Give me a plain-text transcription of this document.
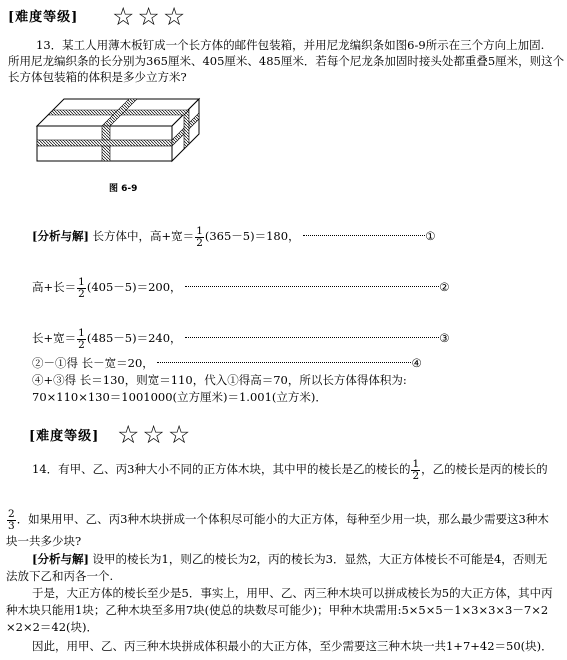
[难度等级] ☆☆☆
13．某工人用薄木板钉成一个长方体的邮件包装箱，并用尼龙编织条如图6-9所示在三个方向上加固.
所用尼龙编织条的长分别为365厘米、405厘米、485厘米．若每个尼龙条加固时接头处都重叠5厘米，则这个
长方体包装箱的体积是多少立方米?
图 6-9
[分析与解] 长方体中，高+宽＝ $\frac{1}{2} (365-5)=180$，	①
高+长＝ $\frac{1}{2} (405-5)=200$，	②
长+宽＝ $\frac{1}{2} (485-5)=240$，	③
②－①得 长－宽＝20，	④
④+③得 长＝130，则宽＝110，代入①得高＝70，所以长方体得体积为:
70×110×130＝1001000(立方厘米)＝1.001(立方米)．
[难度等级] ☆☆☆
14．有甲、乙、丙3种大小不同的正方体木块，其中甲的棱长是乙的棱长的 $\frac{1}{2}$ ，乙的棱长是丙的棱长的
$\frac{2}{3}$ ．如果用甲、乙、丙3种木块拼成一个体积尽可能小的大正方体，每种至少用一块，那么最少需要这3种木
块一共多少块?
[分析与解] 设甲的棱长为1，则乙的棱长为2，丙的棱长为3．显然，大正方体棱长不可能是4，否则无
法放下乙和丙各一个.
于是，大正方体的棱长至少是5．事实上，用甲、乙、丙三种木块可以拼成棱长为5的大正方体，其中丙
种木块只能用1块；乙种木块至多用7块(使总的块数尽可能少)；甲种木块需用:5×5×5－1×3×3×3－7×2
×2×2＝42(块)．
因此，用甲、乙、丙三种木块拼成体积最小的大正方体，至少需要这三种木块一共1+7+42＝50(块)．
